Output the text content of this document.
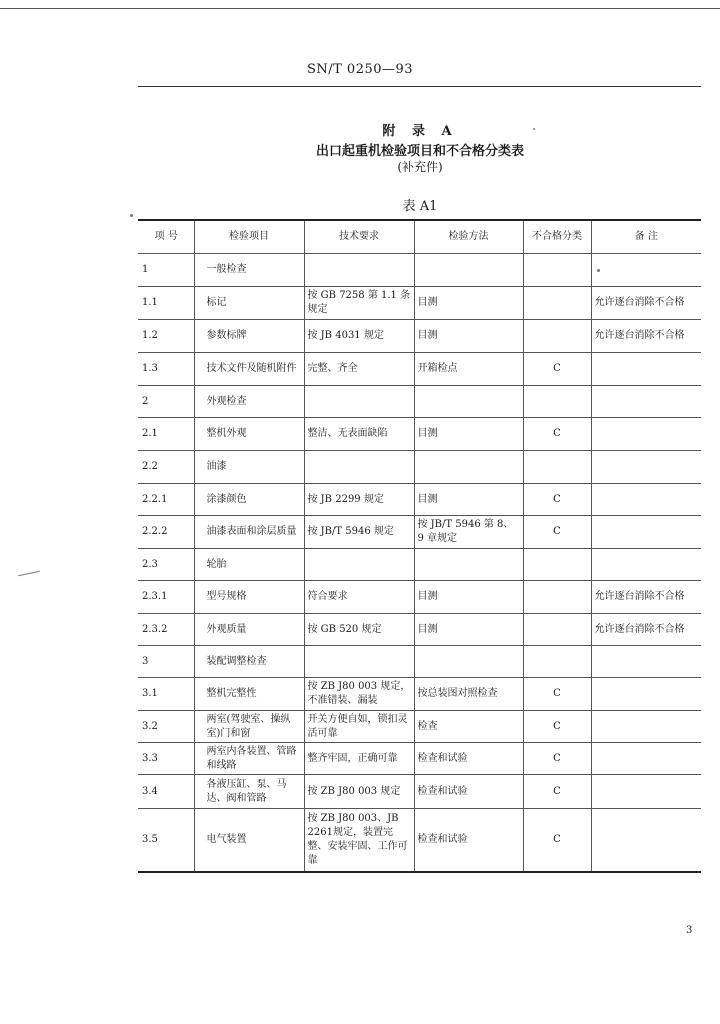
SN/T 0250—93
附 录 A
出口起重机检验项目和不合格分类表
(补充件)
表 A1
项 号	检验项目	技术要求	检验方法	不合格分类	备 注
1	一般检查				
1.1	标记	按 GB 7258 第 1.1 条规定	目测		允许逐台消除不合格
1.2	参数标牌	按 JB 4031 规定	目测		允许逐台消除不合格
1.3	技术文件及随机附件	完整、齐全	开箱检点	C	
2	外观检查				
2.1	整机外观	整洁、无表面缺陷	目测	C	
2.2	油漆				
2.2.1	涂漆颜色	按 JB 2299 规定	目测	C	
2.2.2	油漆表面和涂层质量	按 JB/T 5946 规定	按 JB/T 5946 第 8、9 章规定	C	
2.3	轮胎				
2.3.1	型号规格	符合要求	目测		允许逐台消除不合格
2.3.2	外观质量	按 GB 520 规定	目测		允许逐台消除不合格
3	装配调整检查				
3.1	整机完整性	按 ZB J80 003 规定，不准错装、漏装	按总装图对照检查	C	
3.2	两室(驾驶室、操纵室)门和窗	开关方便自如，锁扣灵活可靠	检查	C	
3.3	两室内各装置、管路和线路	整齐牢固，正确可靠	检查和试验	C	
3.4	各液压缸、泵、马达、阀和管路	按 ZB J80 003 规定	检查和试验	C	
3.5	电气装置	按 ZB J80 003、JB 2261规定，装置完整、安装牢固、工作可靠	检查和试验	C	
3
